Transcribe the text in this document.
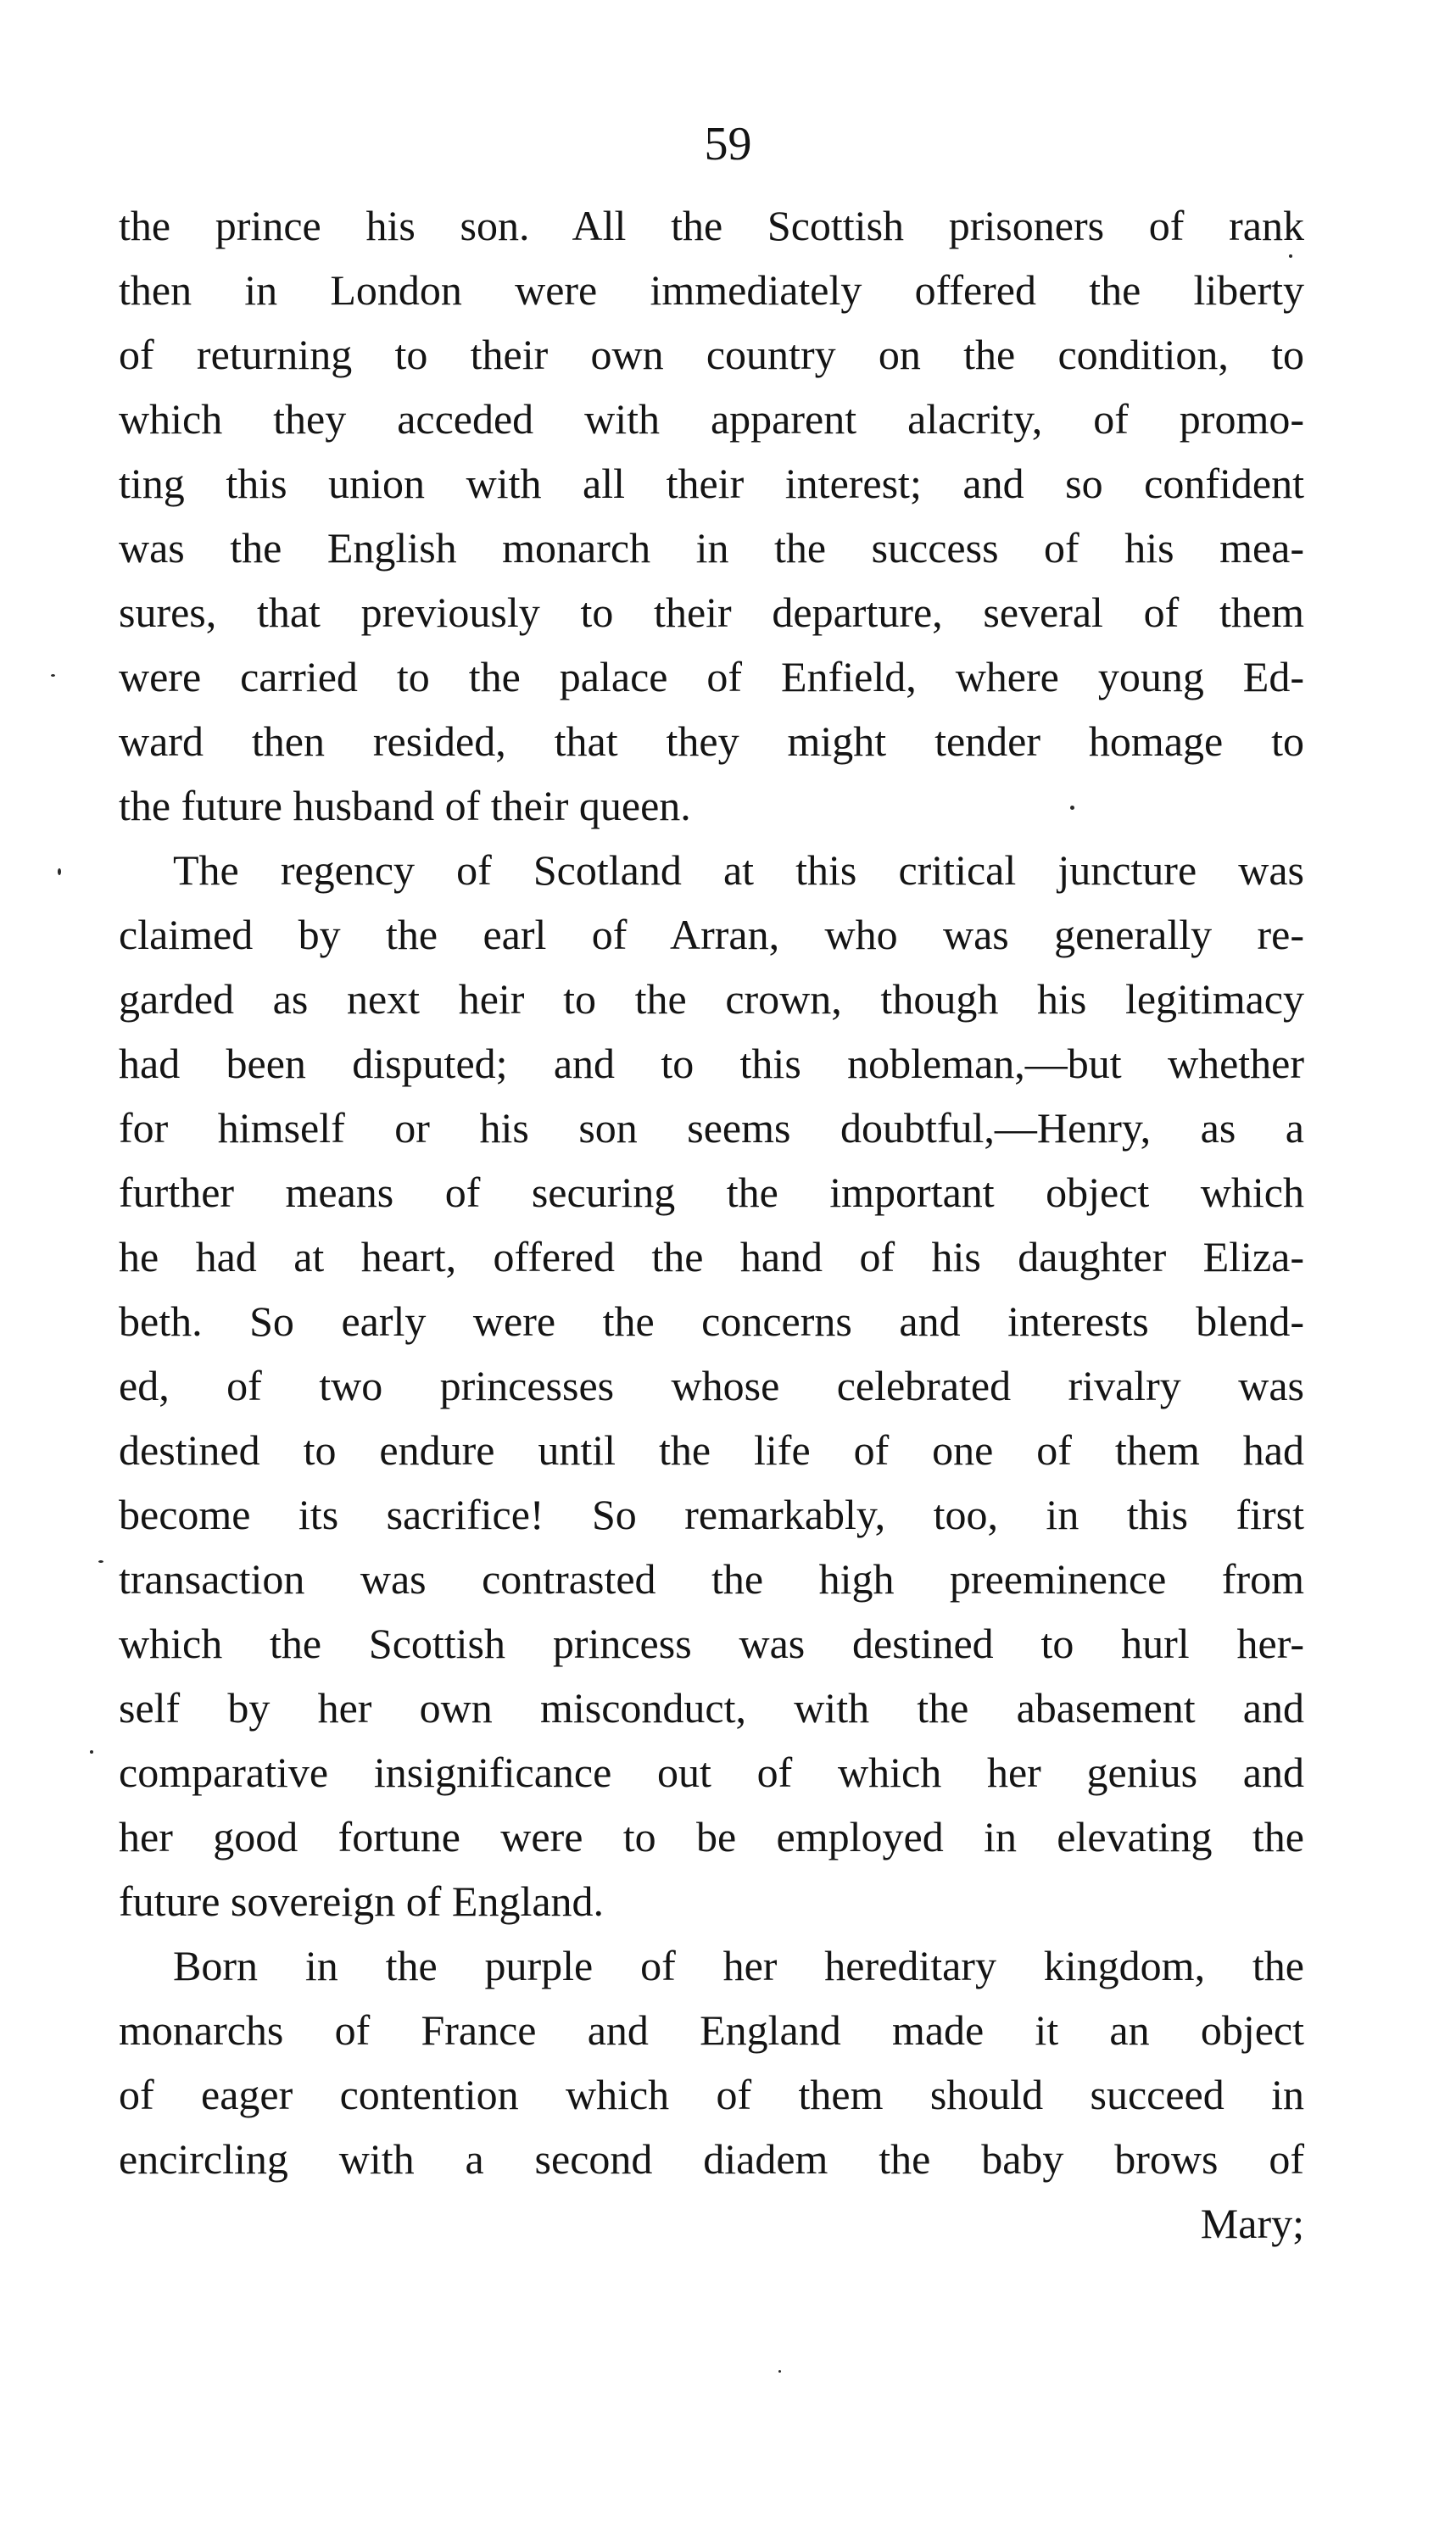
59
the prince his son. All the Scottish prisoners of rank
then in London were immediately offered the liberty
of returning to their own country on the condition, to
which they acceded with apparent alacrity, of promo-
ting this union with all their interest; and so confident
was the English monarch in the success of his mea-
sures, that previously to their departure, several of them
were carried to the palace of Enfield, where young Ed-
ward then resided, that they might tender homage to
the future husband of their queen.
The regency of Scotland at this critical juncture was
claimed by the earl of Arran, who was generally re-
garded as next heir to the crown, though his legitimacy
had been disputed; and to this nobleman,—but whether
for himself or his son seems doubtful,—Henry, as a
further means of securing the important object which
he had at heart, offered the hand of his daughter Eliza-
beth. So early were the concerns and interests blend-
ed, of two princesses whose celebrated rivalry was
destined to endure until the life of one of them had
become its sacrifice! So remarkably, too, in this first
transaction was contrasted the high preeminence from
which the Scottish princess was destined to hurl her-
self by her own misconduct, with the abasement and
comparative insignificance out of which her genius and
her good fortune were to be employed in elevating the
future sovereign of England.
Born in the purple of her hereditary kingdom, the
monarchs of France and England made it an object
of eager contention which of them should succeed in
encircling with a second diadem the baby brows of
Mary;
